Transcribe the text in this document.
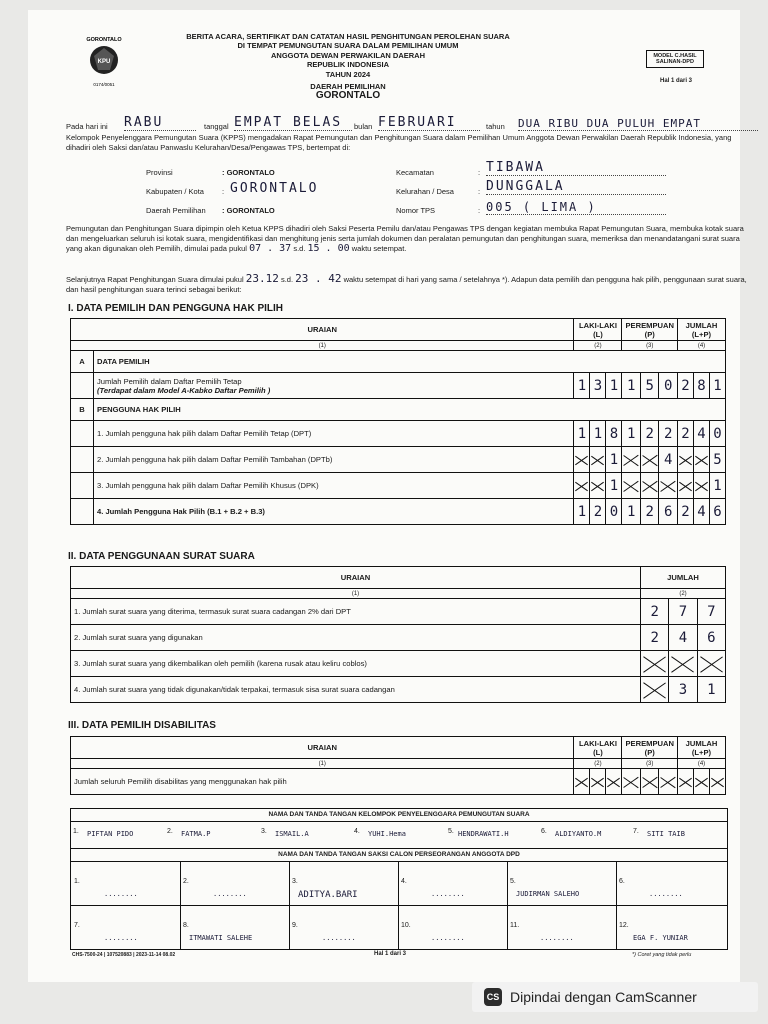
GORONTALO
KPU
0174/0051
BERITA ACARA, SERTIFIKAT DAN CATATAN HASIL PENGHITUNGAN PEROLEHAN SUARA
DI TEMPAT PEMUNGUTAN SUARA DALAM PEMILIHAN UMUM
ANGGOTA DEWAN PERWAKILAN DAERAH
REPUBLIK INDONESIA
TAHUN 2024
DAERAH PEMILIHAN
GORONTALO
MODEL C.HASIL SALINAN-DPD
Hal 1 dari 3
Pada hari ini RABU	tanggal EMPAT BELAS	bulan FEBRUARI	tahun DUA RIBU DUA PULUH EMPAT
Kelompok Penyelenggara Pemungutan Suara (KPPS) mengadakan Rapat Pemungutan dan Penghitungan Suara dalam Pemilihan Umum Anggota Dewan Perwakilan Daerah Republik Indonesia, yang dihadiri oleh Saksi dan/atau Panwaslu Kelurahan/Desa/Pengawas TPS, bertempat di:
Provinsi	: GORONTALO
Kabupaten / Kota : GORONTALO
Daerah Pemilihan : GORONTALO
Kecamatan	: TIBAWA
Kelurahan / Desa	: DUNGGALA
Nomor TPS	: 005 ( LIMA )
Pemungutan dan Penghitungan Suara dipimpin oleh Ketua KPPS dihadiri oleh Saksi Peserta Pemilu dan/atau Pengawas TPS dengan kegiatan membuka Rapat Pemungutan Suara, membuka kotak suara dan mengeluarkan seluruh isi kotak suara, mengidentifikasi dan menghitung jenis serta jumlah dokumen dan peralatan pemungutan dan penghitungan suara, memeriksa dan menandatangani surat suara yang akan digunakan oleh Pemilih, dimulai pada pukul 07 . 37 s.d. 15 . 00 waktu setempat.
Selanjutnya Rapat Penghitungan Suara dimulai pukul 23.12 s.d. 23 . 42 waktu setempat di hari yang sama / setelahnya *). Adapun data pemilih dan pengguna hak pilih, penggunaan surat suara, dan hasil penghitungan suara terinci sebagai berikut:
I. DATA PEMILIH DAN PENGGUNA HAK PILIH
URAIAN		LAKI-LAKI (L)			PEREMPUAN (P)			JUMLAH (L+P)		
(1)		(2)			(3)			(4)		
A	DATA PEMILIH									

	Jumlah Pemilih dalam Daftar Pemilih Tetap
(Terdapat dalam Model A-Kabko Daftar Pemilih )	1	3	1	1	5	0	2	8	1
B	PENGGUNA HAK PILIH									
	1. Jumlah pengguna hak pilih dalam Daftar Pemilih Tetap (DPT)	1	1	8	1	2	2	2	4	0
	2. Jumlah pengguna hak pilih dalam Daftar Pemilih Tambahan (DPTb)			1			4			5
	3. Jumlah pengguna hak pilih dalam Daftar Pemilih Khusus (DPK)			1						1
	4. Jumlah Pengguna Hak Pilih (B.1 + B.2 + B.3)	1	2	0	1	2	6	2	4	6
II. DATA PENGGUNAAN SURAT SUARA
URAIAN	JUMLAH		
(1)	(2)		
1. Jumlah surat suara yang diterima, termasuk surat suara cadangan 2% dari DPT	2	7	7
2. Jumlah surat suara yang digunakan	2	4	6
3. Jumlah surat suara yang dikembalikan oleh pemilih (karena rusak atau keliru coblos)			
4. Jumlah surat suara yang tidak digunakan/tidak terpakai, termasuk sisa surat suara cadangan		3	1
III. DATA PEMILIH DISABILITAS
URAIAN	LAKI-LAKI (L)			PEREMPUAN (P)			JUMLAH (L+P)		
(1)	(2)			(3)			(4)		
Jumlah seluruh Pemilih disabilitas yang menggunakan hak pilih									
NAMA DAN TANDA TANGAN KELOMPOK PENYELENGGARA PEMUNGUTAN SUARA
1. PIFTAN PIDO	2. FATMA.P	3. ISMAIL.A	4. YUHI.Hema	5. HENDRAWATI.H	6. ALDIYANTO.M	7. SITI TAIB
NAMA DAN TANDA TANGAN SAKSI CALON PERSEORANGAN ANGGOTA DPD
1.
........
2.
........
3.
ADITYA.BARI
4.
........
5.
JUDIRMAN SALEHO
6.
........
7.
........
8.
ITMAWATI SALEHE
9.
........
10.
........
11.
........
12.
EGA F. YUNIAR
CHS-7500-24 | 107520883 | 2023-11-14 08.02	Hal 1 dari 3	*) Coret yang tidak perlu
CS Dipindai dengan CamScanner
